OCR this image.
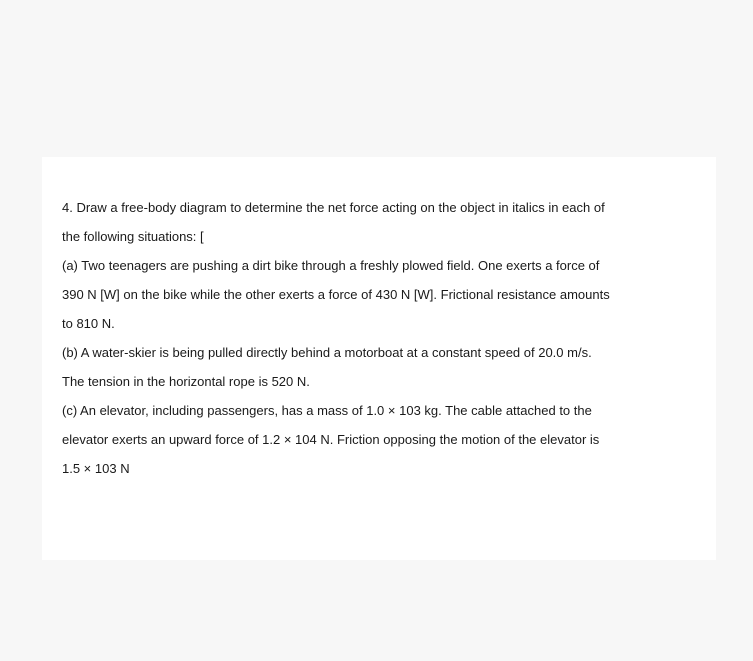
4. Draw a free-body diagram to determine the net force acting on the object in italics in each of
the following situations: [
(a) Two teenagers are pushing a dirt bike through a freshly plowed field. One exerts a force of
390 N [W] on the bike while the other exerts a force of 430 N [W]. Frictional resistance amounts
to 810 N.
(b) A water-skier is being pulled directly behind a motorboat at a constant speed of 20.0 m/s.
The tension in the horizontal rope is 520 N.
(c) An elevator, including passengers, has a mass of 1.0 × 103 kg. The cable attached to the
elevator exerts an upward force of 1.2 × 104 N. Friction opposing the motion of the elevator is
1.5 × 103 N
